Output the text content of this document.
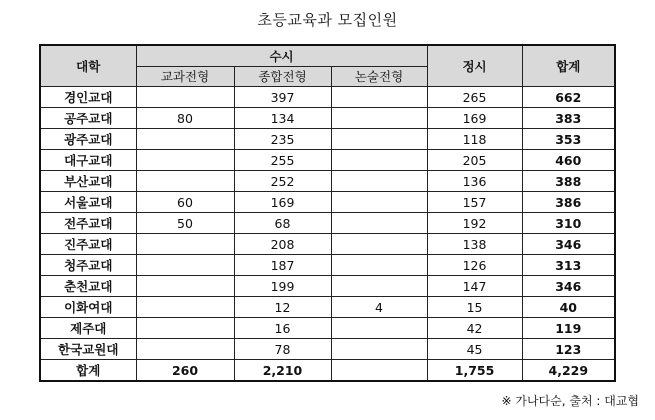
초등교육과 모집인원
대학	수시			정시	합계
	교과전형	종합전형	논술전형		
경인교대		397		265	662
공주교대	80	134		169	383
광주교대		235		118	353
대구교대		255		205	460
부산교대		252		136	388
서울교대	60	169		157	386
전주교대	50	68		192	310
진주교대		208		138	346
청주교대		187		126	313
춘천교대		199		147	346
이화여대		12	4	15	40
제주대		16		42	119
한국교원대		78		45	123
합계	260	2,210		1,755	4,229
※ 가나다순, 출처 : 대교협
